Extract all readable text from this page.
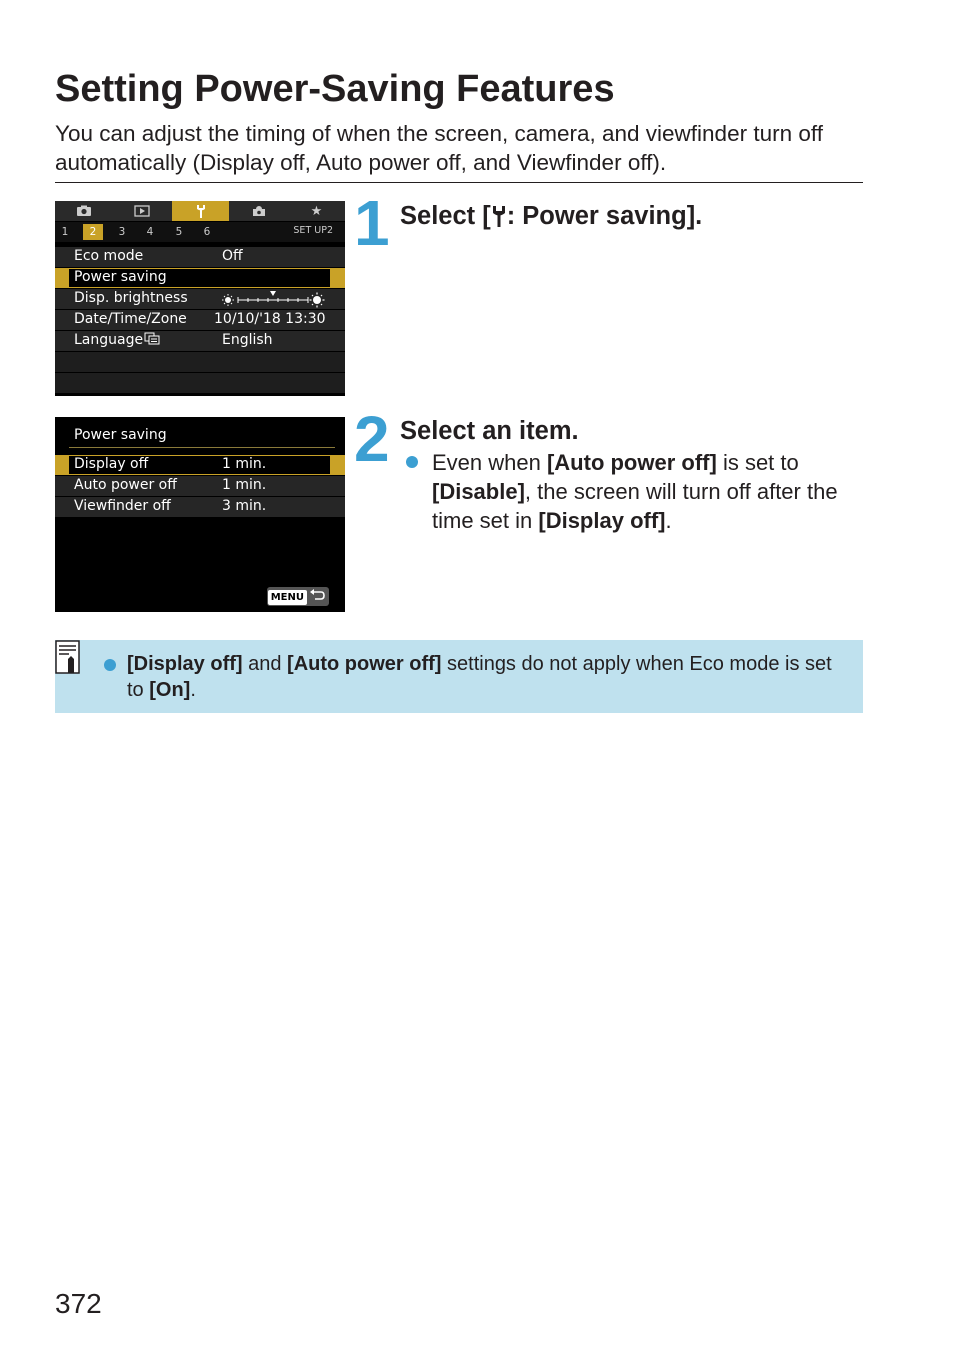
Setting Power-Saving Features
You can adjust the timing of when the screen, camera, and viewfinder turn off automatically (Display off, Auto power off, and Viewfinder off).
★
1	2	3	4	5	6	SET UP2
Eco mode	Off
Power saving
Disp. brightness
Date/Time/Zone 10/10/'18 13:30
Language	English
Power saving
Display off	1 min.
Auto power off	1 min.
Viewfinder off	3 min.
MENU
1 Select [ : Power saving].
2 Select an item.
Even when [Auto power off] is set to [Disable], the screen will turn off after the time set in [Display off].
[Display off] and [Auto power off] settings do not apply when Eco mode is set to [On].
372
